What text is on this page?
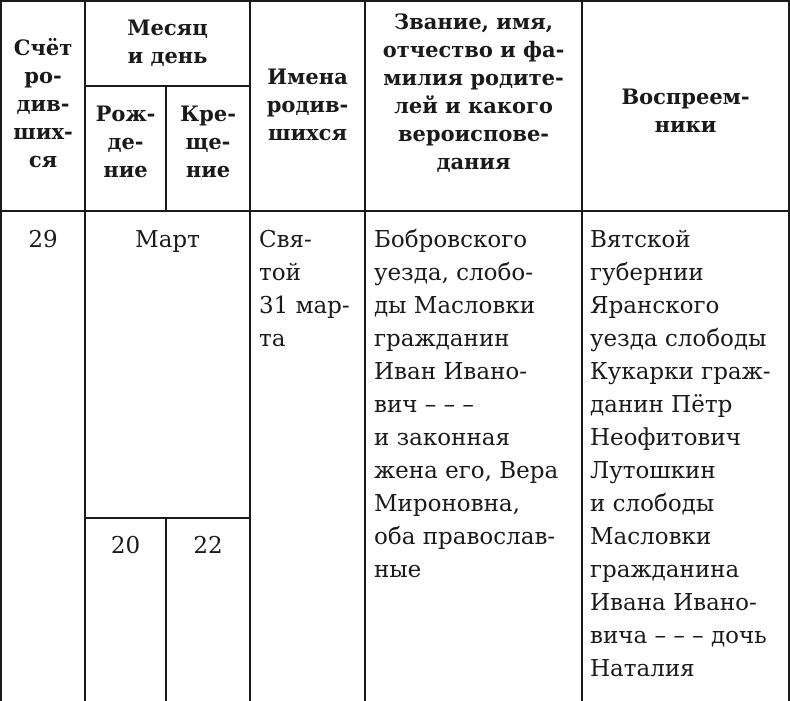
Счёт
ро-
див-
ших-
ся
Месяц
и день
Рож-
де-
ние
Кре-
ще-
ние
Имена
родив-
шихся
Звание, имя,
отчество и фа-
милия родите-
лей и какого
вероиспове-
дания
Воспреем-
ники
29	Март
20	22
Свя-
той
31 мар-
та
Бобровского
уезда, слобо-
ды Масловки
гражданин
Иван Ивано-
вич – – –
и законная
жена его, Вера
Мироновна,
оба православ-
ные
Вятской
губернии
Яранского
уезда слободы
Кукарки граж-
данин Пётр
Неофитович
Лутошкин
и слободы
Масловки
гражданина
Ивана Ивано-
вича – – – дочь
Наталия
